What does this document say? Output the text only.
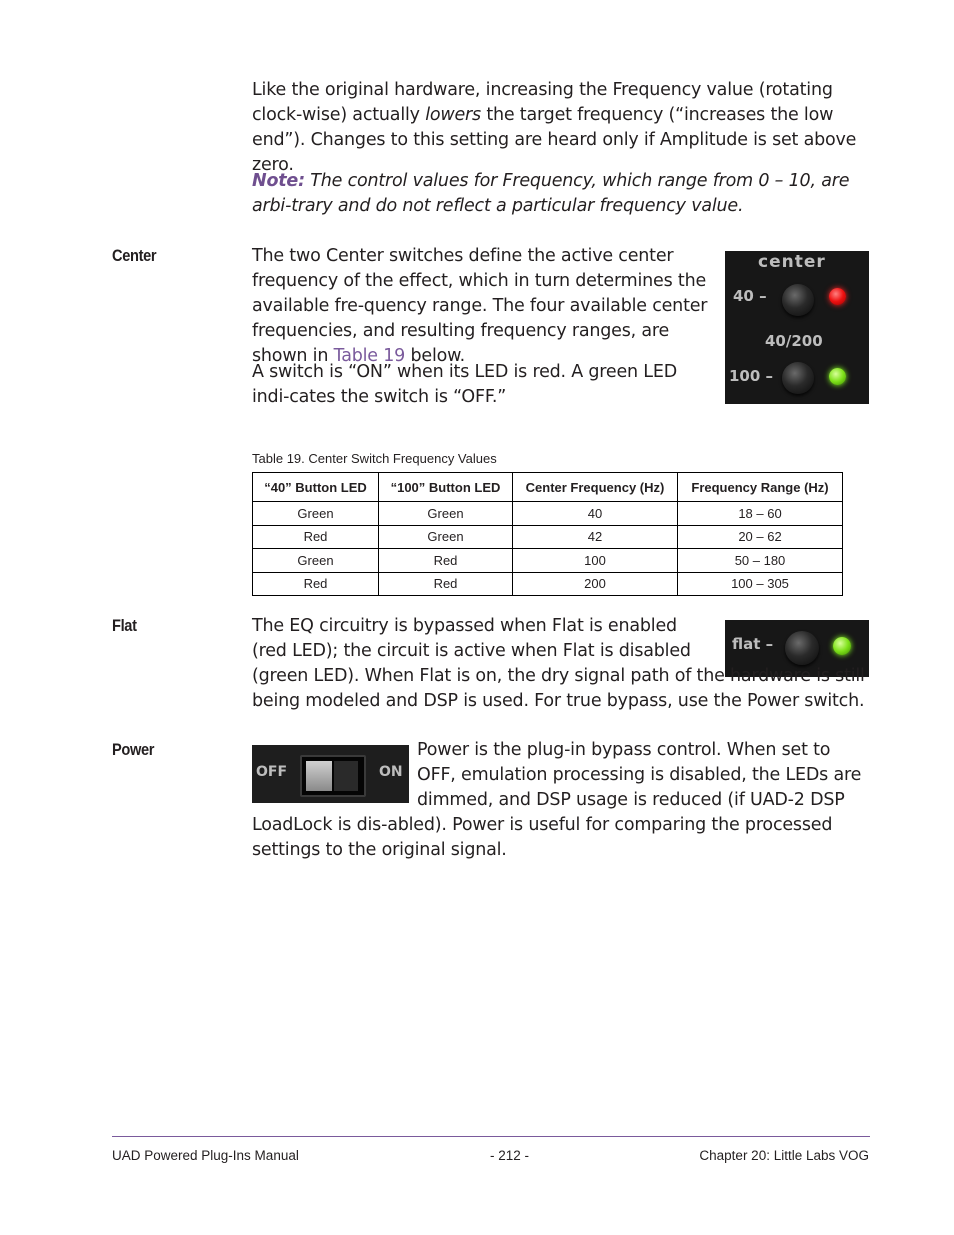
Like the original hardware, increasing the Frequency value (rotating clock-wise) actually lowers the target frequency (“increases the low end”). Changes to this setting are heard only if Amplitude is set above zero.

Note: The control values for Frequency, which range from 0 – 10, are arbi-trary and do not reflect a particular frequency value.

Center	The two Center switches define the active center frequency of the effect, which in turn determines the available fre-quency range. The four available center frequencies, and resulting frequency ranges, are shown in Table 19 below.

A switch is “ON” when its LED is red. A green LED indi-cates the switch is “OFF.”

center
40 –
40/200
100 –
Table 19. Center Switch Frequency Values
“40” Button LED	“100” Button LED	Center Frequency (Hz)	Frequency Range (Hz)
Green	Green	40	18 – 60
Red	Green	42	20 – 62
Green	Red	100	50 – 180
Red	Red	200	100 – 305
Flat
flat –

The EQ circuitry is bypassed when Flat is enabled (red LED); the circuit is active when Flat is disabled (green LED). When Flat is on, the dry signal path of the hardware is still being modeled and DSP is used. For true bypass, use the Power switch.

Power
OFF	ON

Power is the plug-in bypass control. When set to OFF, emulation processing is disabled, the LEDs are dimmed, and DSP usage is reduced (if UAD-2 DSP LoadLock is dis-abled). Power is useful for comparing the processed settings to the original signal.

UAD Powered Plug-Ins Manual	- 212 -	Chapter 20: Little Labs VOG
